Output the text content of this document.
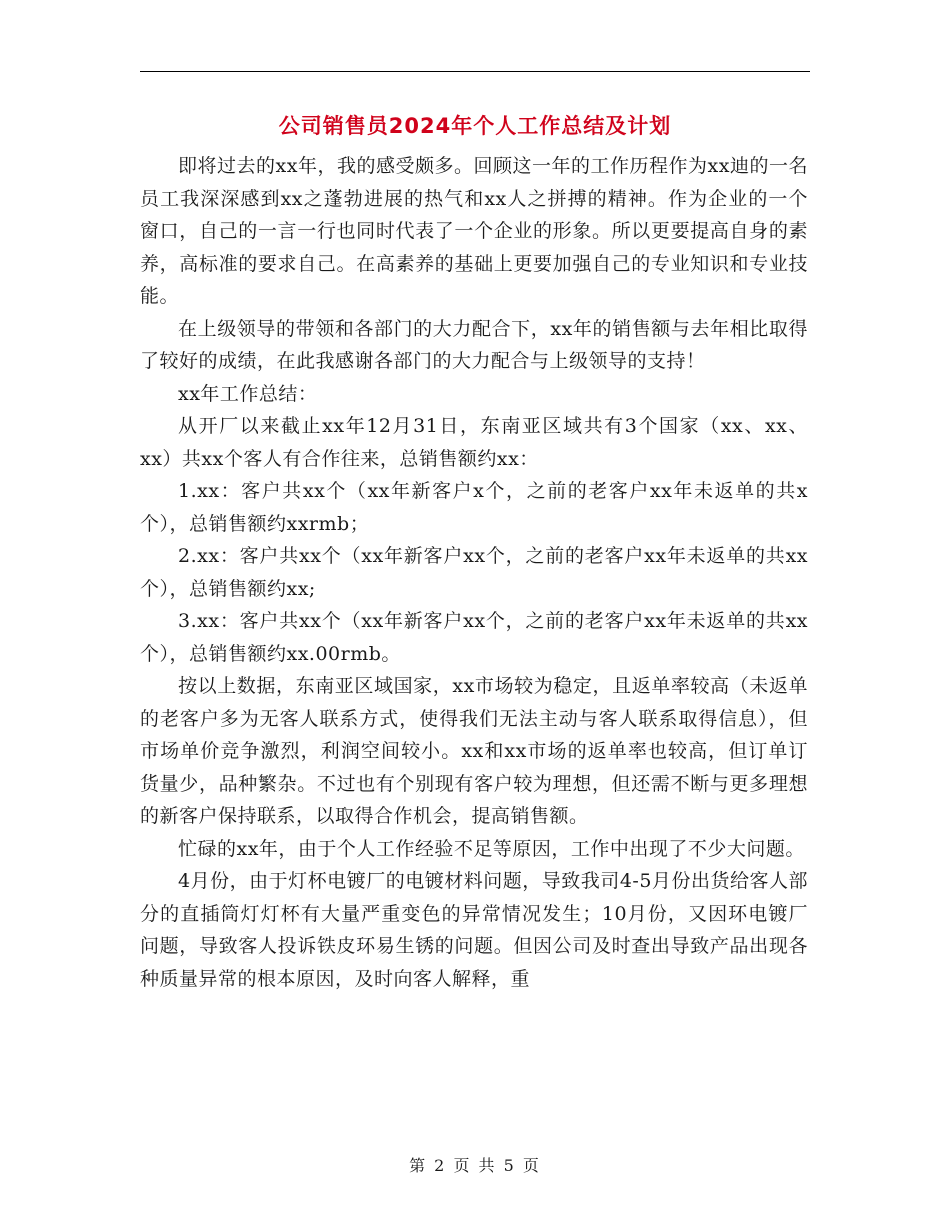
公司销售员2024年个人工作总结及计划

即将过去的xx年，我的感受颇多。回顾这一年的工作历程作为xx迪的一名员工我深深感到xx之蓬勃进展的热气和xx人之拼搏的精神。作为企业的一个窗口，自己的一言一行也同时代表了一个企业的形象。所以更要提高自身的素养，高标准的要求自己。在高素养的基础上更要加强自己的专业知识和专业技能。

在上级领导的带领和各部门的大力配合下，xx年的销售额与去年相比取得了较好的成绩，在此我感谢各部门的大力配合与上级领导的支持！

xx年工作总结：

从开厂以来截止xx年12月31日，东南亚区域共有3个国家（xx、xx、xx）共xx个客人有合作往来，总销售额约xx：

1.xx：客户共xx个（xx年新客户x个，之前的老客户xx年未返单的共x个），总销售额约xxrmb；

2.xx：客户共xx个（xx年新客户xx个，之前的老客户xx年未返单的共xx个），总销售额约xx;

3.xx：客户共xx个（xx年新客户xx个，之前的老客户xx年未返单的共xx个），总销售额约xx.00rmb。

按以上数据，东南亚区域国家，xx市场较为稳定，且返单率较高（未返单的老客户多为无客人联系方式，使得我们无法主动与客人联系取得信息），但市场单价竞争激烈，利润空间较小。xx和xx市场的返单率也较高，但订单订货量少，品种繁杂。不过也有个别现有客户较为理想，但还需不断与更多理想的新客户保持联系，以取得合作机会，提高销售额。

忙碌的xx年，由于个人工作经验不足等原因，工作中出现了不少大问题。

4月份，由于灯杯电镀厂的电镀材料问题，导致我司4-5月份出货给客人部分的直插筒灯灯杯有大量严重变色的异常情况发生；10月份，又因环电镀厂问题，导致客人投诉铁皮环易生锈的问题。但因公司及时查出导致产品出现各种质量异常的根本原因，及时向客人解释，重

第 2 页 共 5 页
